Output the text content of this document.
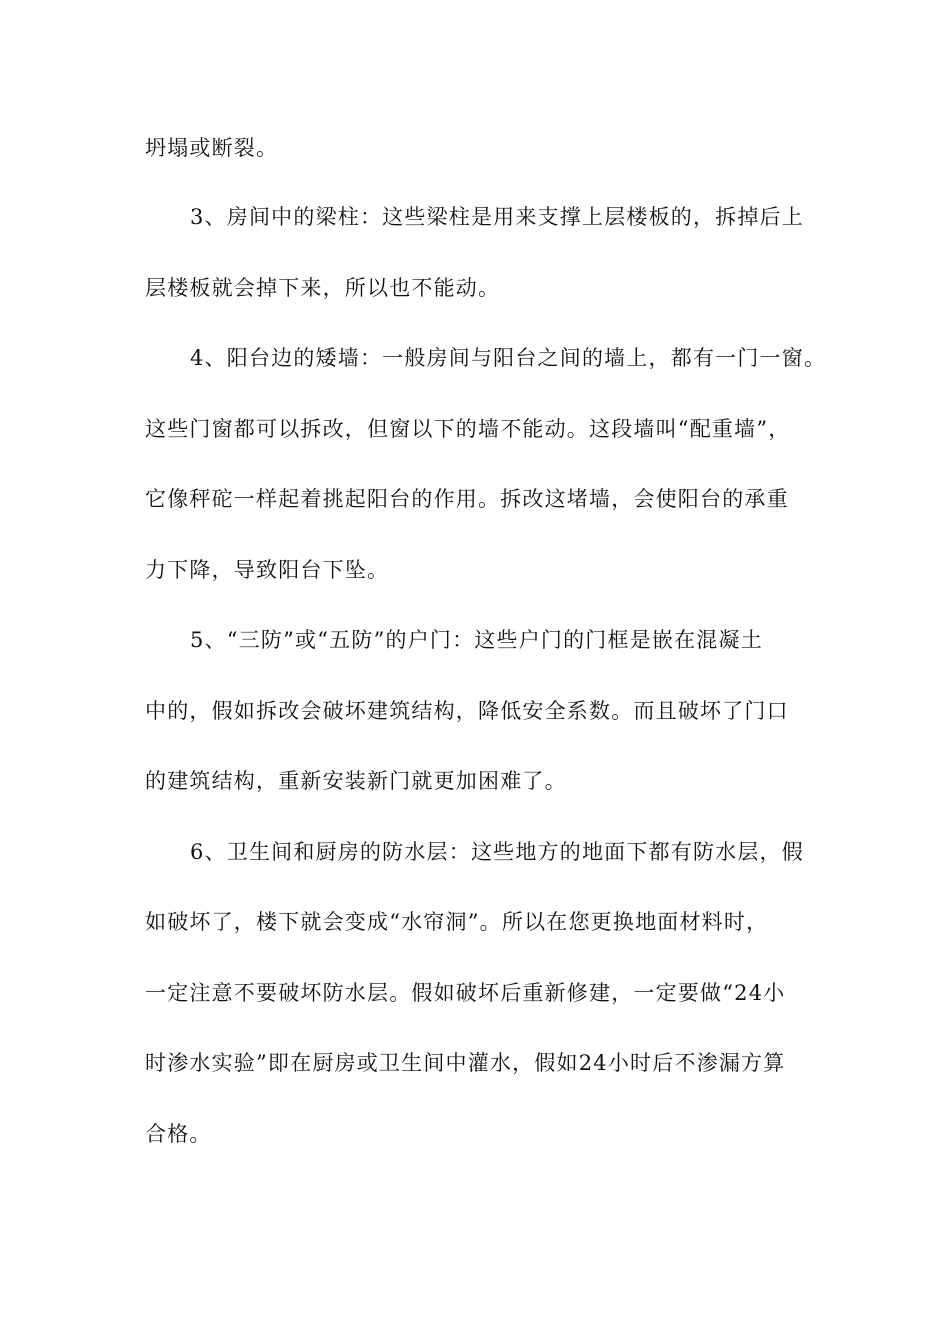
坍塌或断裂。
3、房间中的梁柱：这些梁柱是用来支撑上层楼板的，拆掉后上
层楼板就会掉下来，所以也不能动。
4、阳台边的矮墙：一般房间与阳台之间的墙上，都有一门一窗。
这些门窗都可以拆改，但窗以下的墙不能动。这段墙叫“配重墙”，
它像秤砣一样起着挑起阳台的作用。拆改这堵墙，会使阳台的承重
力下降，导致阳台下坠。
5、“三防”或“五防”的户门：这些户门的门框是嵌在混凝土
中的，假如拆改会破坏建筑结构，降低安全系数。而且破坏了门口
的建筑结构，重新安装新门就更加困难了。
6、卫生间和厨房的防水层：这些地方的地面下都有防水层，假
如破坏了，楼下就会变成“水帘洞”。所以在您更换地面材料时，
一定注意不要破坏防水层。假如破坏后重新修建，一定要做“24小
时渗水实验”即在厨房或卫生间中灌水，假如24小时后不渗漏方算
合格。
